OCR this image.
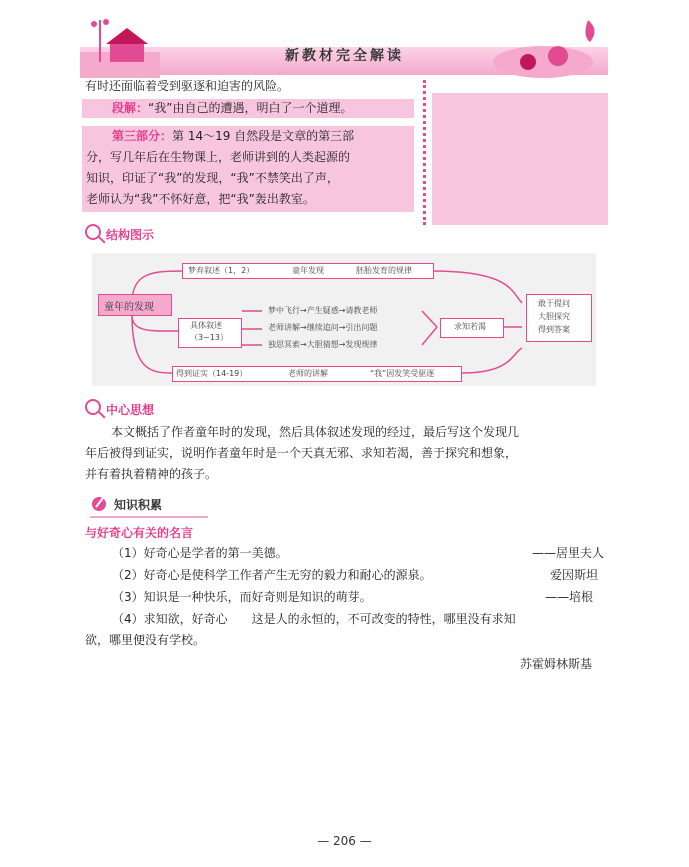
新教材完全解读
有时还面临着受到驱逐和迫害的风险。
段解：“我”由自己的遭遇，明白了一个道理。
第三部分：第 14～19 自然段是文章的第三部
分，写几年后在生物课上，老师讲到的人类起源的
知识，印证了“我”的发现，“我”不禁笑出了声，
老师认为“我”不怀好意，把“我”轰出教室。
结构图示
童年的发现
梦弃叙述（1，2）	童年发现	胚胎发育的规律
具体叙述
（3~13）
梦中飞行→产生疑惑→请教老师
老师讲解→继续追问→引出问题
独思冥索→大胆猜想→发现规律
求知若渴
敢于提问
大胆探究
得到答案
得到证实（14-19）	老师的讲解	“我”因发笑受驱逐
中心思想
本文概括了作者童年时的发现，然后具体叙述发现的经过，最后写这个发现几
年后被得到证实，说明作者童年时是一个天真无邪、求知若渴，善于探究和想象，
并有着执着精神的孩子。
知识积累
与好奇心有关的名言
（1）好奇心是学者的第一美德。	——居里夫人
（2）好奇心是使科学工作者产生无穷的毅力和耐心的源泉。	爱因斯坦
（3）知识是一种快乐，而好奇则是知识的萌芽。	——培根
（4）求知欲，好奇心　　这是人的永恒的，不可改变的特性，哪里没有求知
欲，哪里便没有学校。
苏霍姆林斯基
— 206 —
